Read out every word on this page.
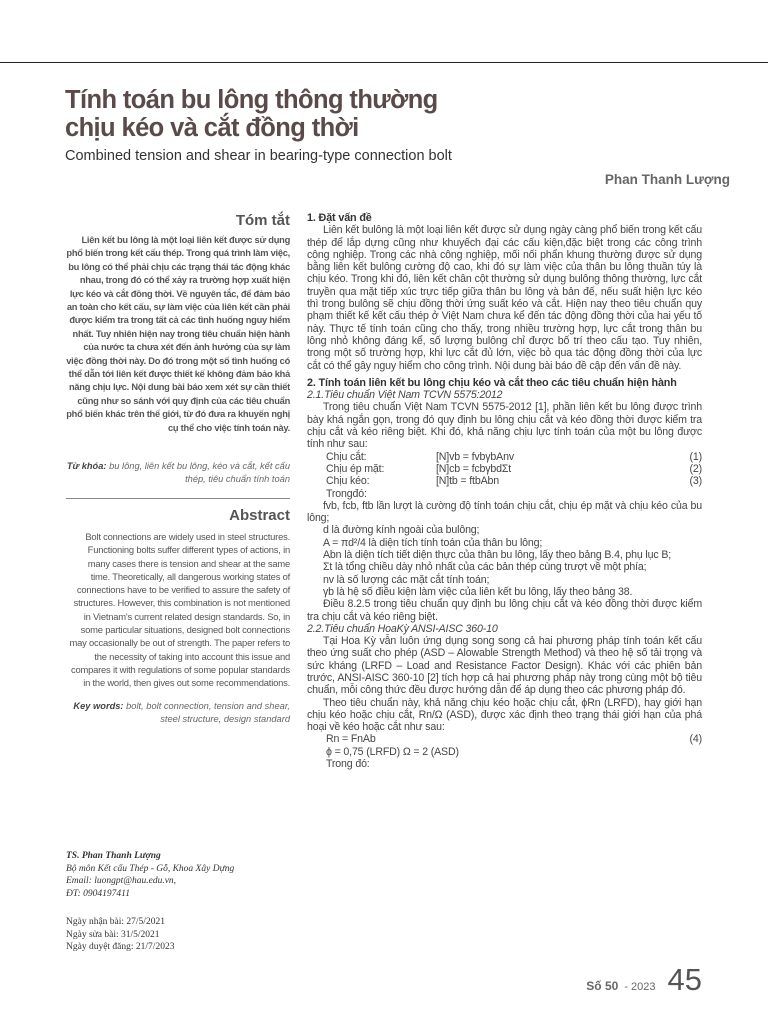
Tính toán bu lông thông thường
chịu kéo và cắt đồng thời
Combined tension and shear in bearing-type connection bolt
Phan Thanh Lượng
Tóm tắt
Liên kết bu lông là một loại liên kết được sử dụng phổ biến trong kết cấu thép. Trong quá trình làm việc, bu lông có thể phải chịu các trạng thái tác động khác nhau, trong đó có thể xảy ra trường hợp xuất hiện lực kéo và cắt đồng thời. Về nguyên tắc, để đảm bảo an toàn cho kết cấu, sự làm việc của liên kết cần phải được kiểm tra trong tất cả các tình huống nguy hiểm nhất. Tuy nhiên hiện nay trong tiêu chuẩn hiện hành của nước ta chưa xét đến ảnh hưởng của sự làm việc đồng thời này. Do đó trong một số tình huống có thể dẫn tới liên kết được thiết kế không đảm bảo khả năng chịu lực. Nội dung bài báo xem xét sự cần thiết cũng như so sánh với quy định của các tiêu chuẩn phổ biến khác trên thế giới, từ đó đưa ra khuyến nghị cụ thể cho việc tính toán này.
Từ khóa: bu lông, liên kết bu lông, kéo và cắt, kết cấu thép, tiêu chuẩn tính toán
Abstract
Bolt connections are widely used in steel structures. Functioning bolts suffer different types of actions, in many cases there is tension and shear at the same time. Theoretically, all dangerous working states of connections have to be verified to assure the safety of structures. However, this combination is not mentioned in Vietnam's current related design standards. So, in some particular situations, designed bolt connections may occasionally be out of strength. The paper refers to the necessity of taking into account this issue and compares it with regulations of some popular standards in the world, then gives out some recommendations.
Key words: bolt, bolt connection, tension and shear, steel structure, design standard
TS. Phan Thanh Lượng
Bộ môn Kết cấu Thép - Gỗ, Khoa Xây Dựng
Email: luongpt@hau.edu.vn,
ĐT: 0904197411
Ngày nhận bài: 27/5/2021
Ngày sửa bài: 31/5/2021
Ngày duyệt đăng: 21/7/2023

1. Đặt vấn đề

Liên kết bulông là một loại liên kết được sử dụng ngày càng phổ biến trong kết cấu thép để lắp dựng cũng như khuyếch đại các cấu kiện,đặc biệt trong các công trình công nghiệp. Trong các nhà công nghiệp, mối nối phẩn khung thường được sử dụng bằng liên kết bulông cường độ cao, khi đó sự làm việc của thân bu lông thuần túy là chịu kéo. Trong khi đó, liên kết chân cột thường sử dụng bulông thông thường, lực cắt truyền qua mặt tiếp xúc trực tiếp giữa thân bu lông và bản đế, nếu suất hiện lực kéo thì trong bulông sẽ chịu đồng thời ứng suất kéo và cắt. Hiện nay theo tiêu chuẩn quy phạm thiết kế kết cấu thép ở Việt Nam chưa kể đến tác động đồng thời của hai yếu tố này. Thực tế tính toán cũng cho thấy, trong nhiều trường hợp, lực cắt trong thân bu lông nhỏ không đáng kể, số lượng bulông chỉ được bố trí theo cấu tạo. Tuy nhiên, trong một số trường hợp, khi lực cắt đủ lớn, việc bỏ qua tác động đồng thời của lực cắt có thể gây nguy hiểm cho công trình. Nội dung bài báo đề cập đến vấn đề này.

2. Tính toán liên kết bu lông chịu kéo và cắt theo các tiêu chuẩn hiện hành

2.1.Tiêu chuẩn Việt Nam TCVN 5575:2012

Trong tiêu chuẩn Việt Nam TCVN 5575-2012 [1], phần liên kết bu lông được trình bày khá ngắn gọn, trong đó quy định bu lông chịu cắt và kéo đồng thời được kiểm tra chịu cắt và kéo riêng biệt. Khi đó, khả năng chịu lực tính toán của một bu lông được tính như sau:

Chịu cắt:	[N]vb = fvbγbAnv	(1)
Chịu ép mặt:	[N]cb = fcbγbdΣt	(2)
Chịu kéo:	[N]tb = ftbAbn	(3)

Trongđó:

fvb, fcb, ftb lần lượt là cường độ tính toán chịu cắt, chịu ép mặt và chịu kéo của bu lông;

d là đường kính ngoài của bulông;

A = πd²/4 là diện tích tính toán của thân bu lông;

Abn là diện tích tiết diện thực của thân bu lông, lấy theo bảng B.4, phụ lục B;

Σt là tổng chiều dày nhỏ nhất của các bản thép cùng trượt về một phía;

nv là số lượng các mặt cắt tính toán;

γb là hệ số điều kiện làm việc của liên kết bu lông, lấy theo bảng 38.

Điều 8.2.5 trong tiêu chuẩn quy định bu lông chịu cắt và kéo đồng thời được kiểm tra chịu cắt và kéo riêng biệt.

2.2.Tiêu chuẩn HoaKỳ ANSI-AISC 360-10

Tại Hoa Kỳ vẫn luôn ứng dụng song song cả hai phương pháp tính toán kết cấu theo ứng suất cho phép (ASD – Alowable Strength Method) và theo hệ số tải trọng và sức kháng (LRFD – Load and Resistance Factor Design). Khác với các phiên bản trước, ANSI-AISC 360-10 [2] tích hợp cả hai phương pháp này trong cùng một bộ tiêu chuẩn, mỗi công thức đều được hướng dẫn để áp dụng theo các phương pháp đó.

Theo tiêu chuẩn này, khả năng chịu kéo hoặc chịu cắt, ϕRn (LRFD), hay giới hạn chịu kéo hoặc chịu cắt, Rn/Ω (ASD), được xác định theo trạng thái giới hạn của phá hoại về kéo hoặc cắt như sau:

Rn = FnAb	(4)

ϕ = 0,75 (LRFD) Ω = 2 (ASD)

Trong đó:

Số 50 - 2023 45
